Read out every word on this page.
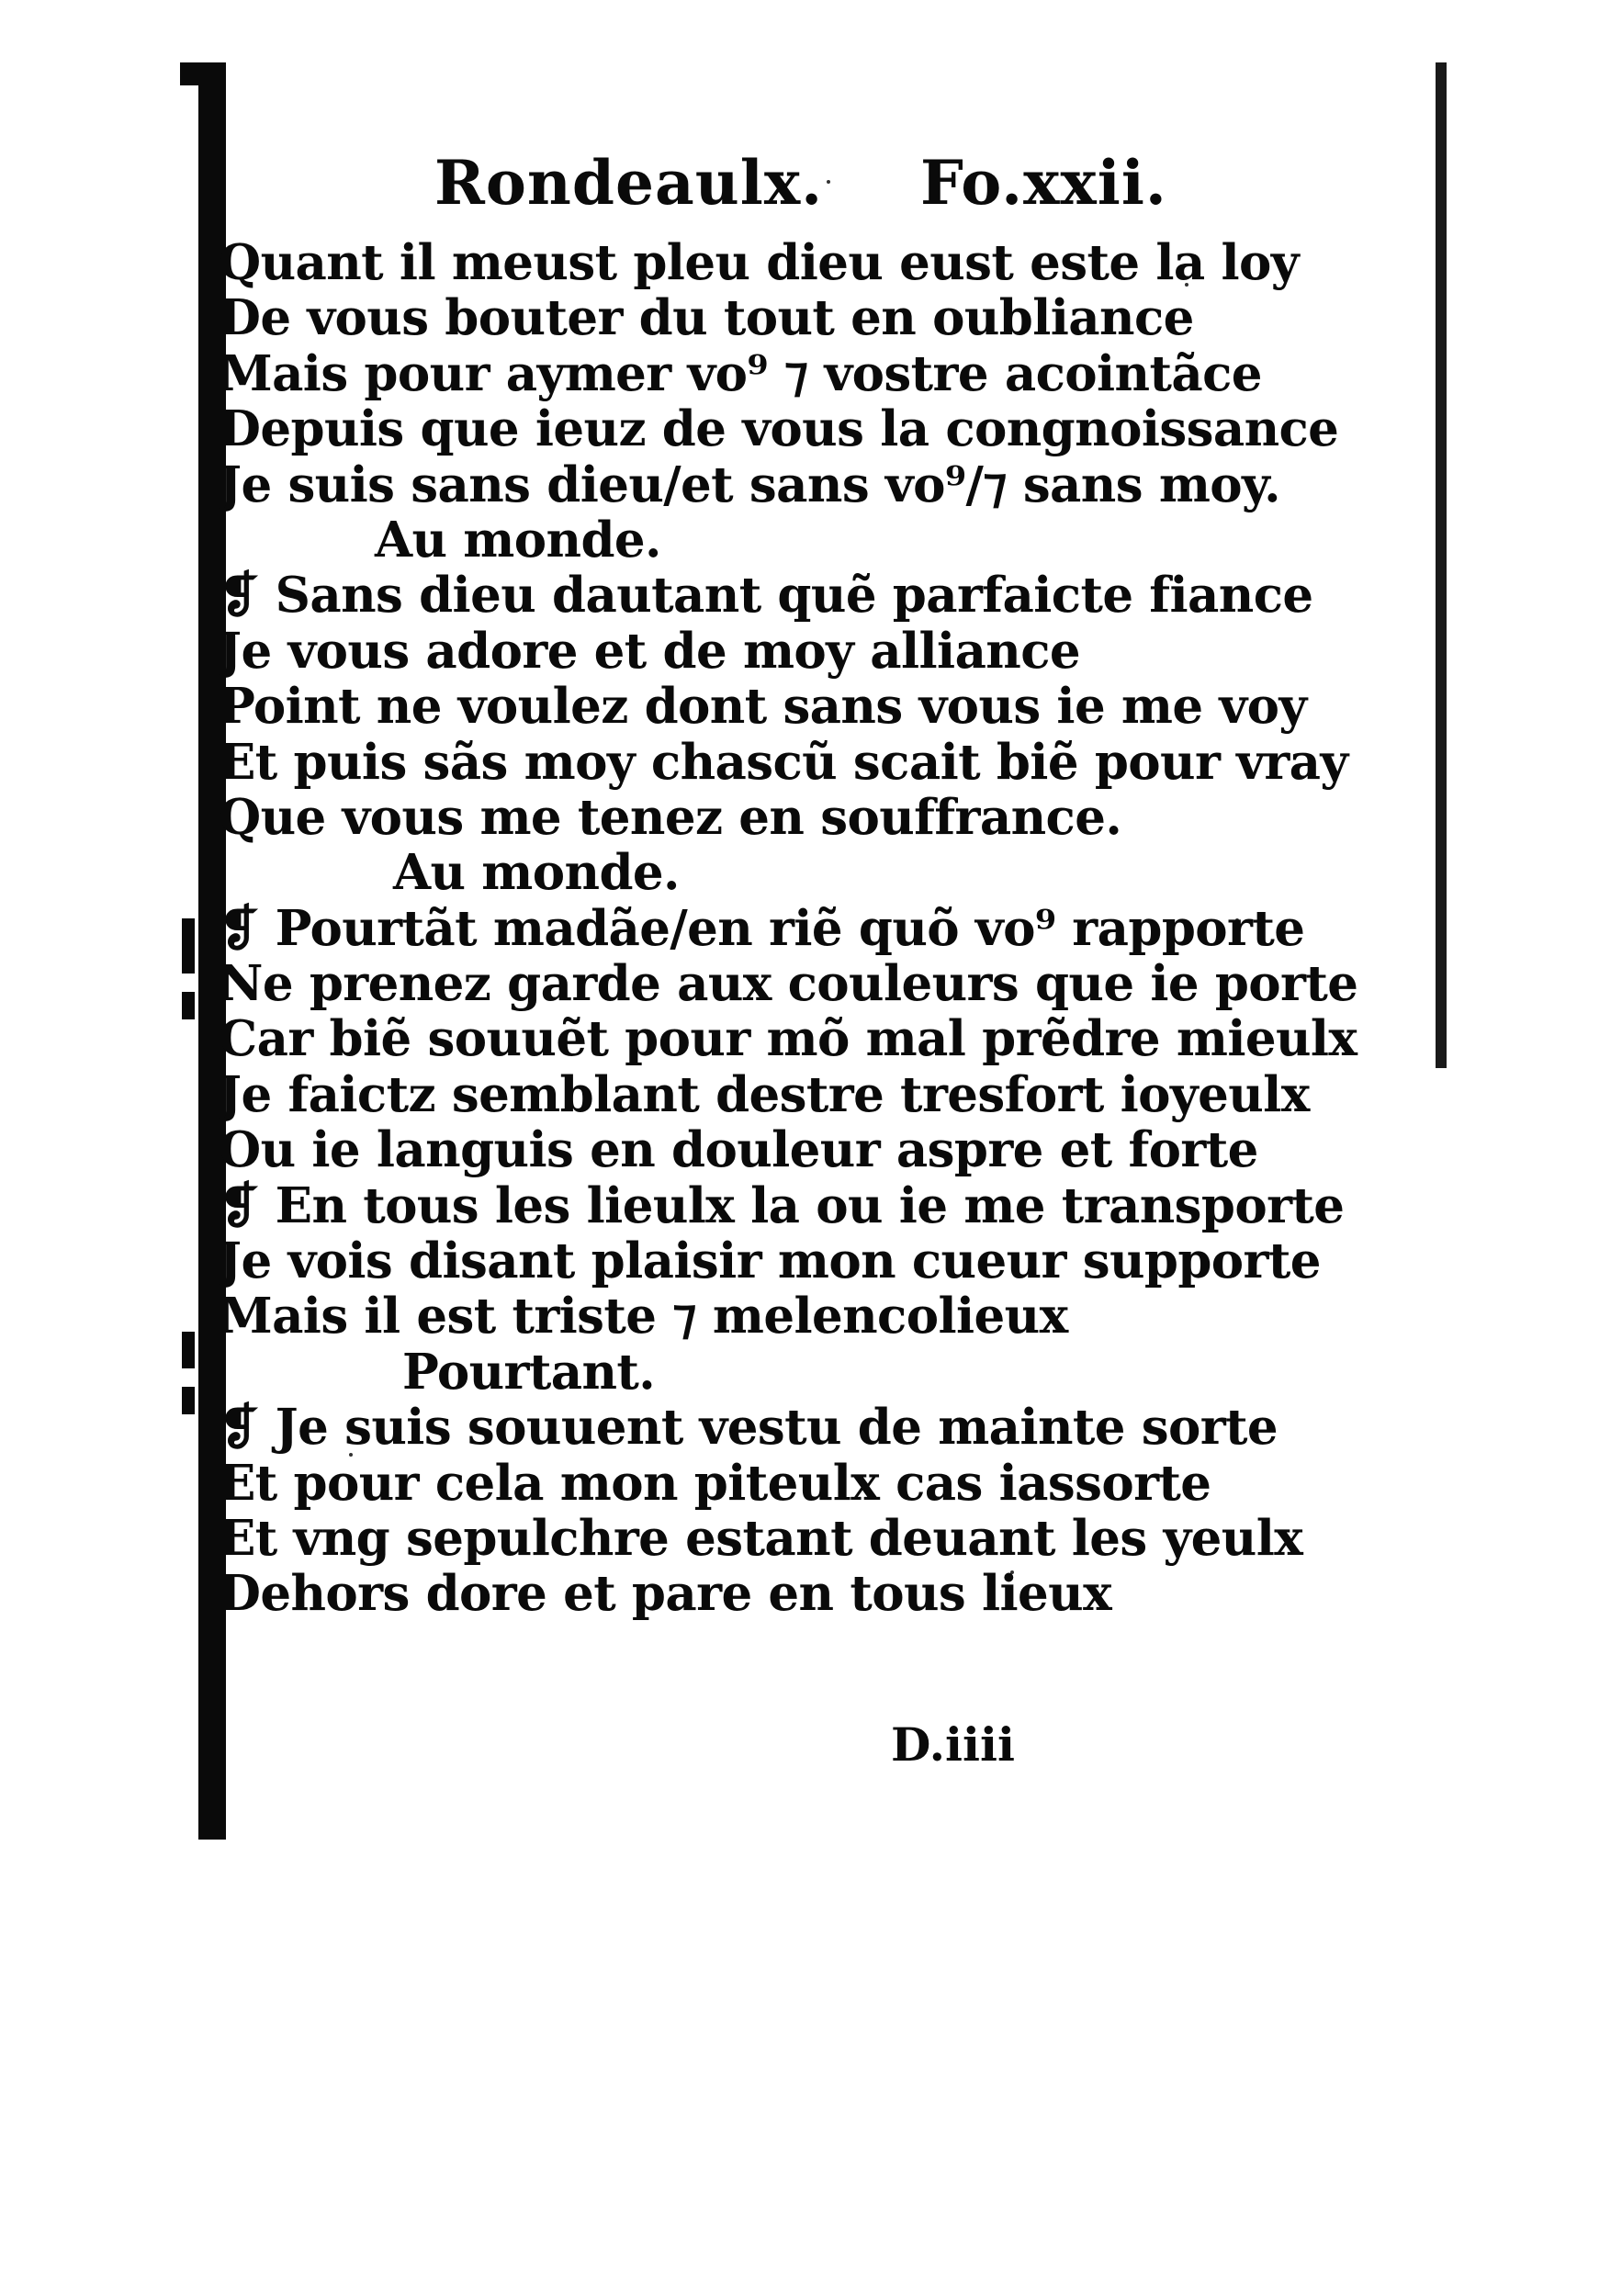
Rondeaulx. Fo.xxii.
Quant il meust pleu dieu eust este la loy
De vous bouter du tout en oubliance
Mais pour aymer vo⁹ ⁊ vostre acointãce
Depuis que ieuz de vous la congnoissance
Je suis sans dieu/et sans vo⁹/⁊ sans moy.
Au monde.
❡ Sans dieu dautant quẽ parfaicte fiance
Je vous adore et de moy alliance
Point ne voulez dont sans vous ie me voy
Et puis sãs moy chascũ scait biẽ pour vray
Que vous me tenez en souffrance.
Au monde.
❡ Pourtãt madãe/en riẽ quõ vo⁹ rapporte
Ne prenez garde aux couleurs que ie porte
Car biẽ souuẽt pour mõ mal prẽdre mieulx
Je faictz semblant destre tresfort ioyeulx
Ou ie languis en douleur aspre et forte
❡ En tous les lieulx la ou ie me transporte
Je vois disant plaisir mon cueur supporte
Mais il est triste ⁊ melencolieux
Pourtant.
❡ Je suis souuent vestu de mainte sorte
Et pour cela mon piteulx cas iassorte
Et vng sepulchre estant deuant les yeulx
Dehors dore et pare en tous lieux
D.iiii
